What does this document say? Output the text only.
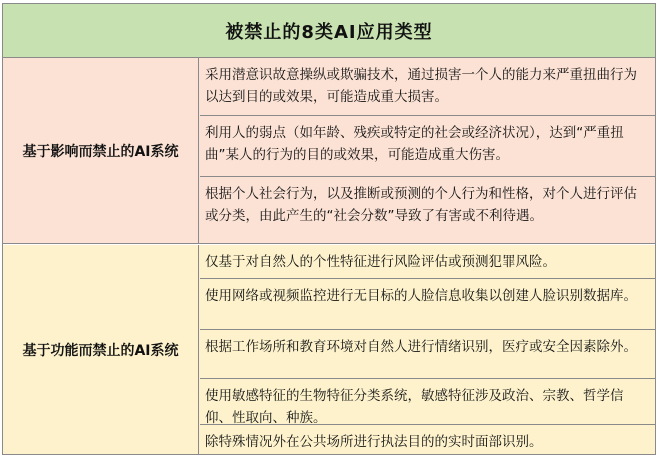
被禁止的8类AI应用类型
基于影响而禁止的AI系统
采用潜意识故意操纵或欺骗技术，通过损害一个人的能力来严重扭曲行为以达到目的或效果，可能造成重大损害。
利用人的弱点（如年龄、残疾或特定的社会或经济状况），达到“严重扭曲”某人的行为的目的或效果，可能造成重大伤害。
根据个人社会行为，以及推断或预测的个人行为和性格，对个人进行评估或分类，由此产生的“社会分数”导致了有害或不利待遇。
基于功能而禁止的AI系统
仅基于对自然人的个性特征进行风险评估或预测犯罪风险。
使用网络或视频监控进行无目标的人脸信息收集以创建人脸识别数据库。
根据工作场所和教育环境对自然人进行情绪识别，医疗或安全因素除外。
使用敏感特征的生物特征分类系统，敏感特征涉及政治、宗教、哲学信仰、性取向、种族。
除特殊情况外在公共场所进行执法目的的实时面部识别。
